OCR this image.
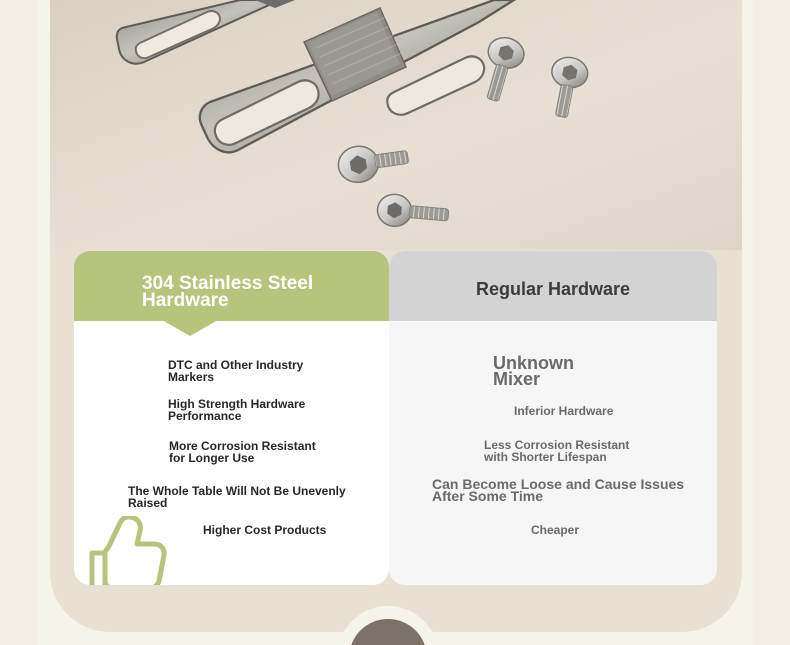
304 Stainless Steel
Hardware
DTC and Other Industry
Markers
High Strength Hardware
Performance
More Corrosion Resistant
for Longer Use
The Whole Table Will Not Be Unevenly Raised
Higher Cost Products
Regular Hardware
Unknown
Mixer
Inferior Hardware
Less Corrosion Resistant
with Shorter Lifespan
Can Become Loose and Cause Issues
After Some Time
Cheaper
